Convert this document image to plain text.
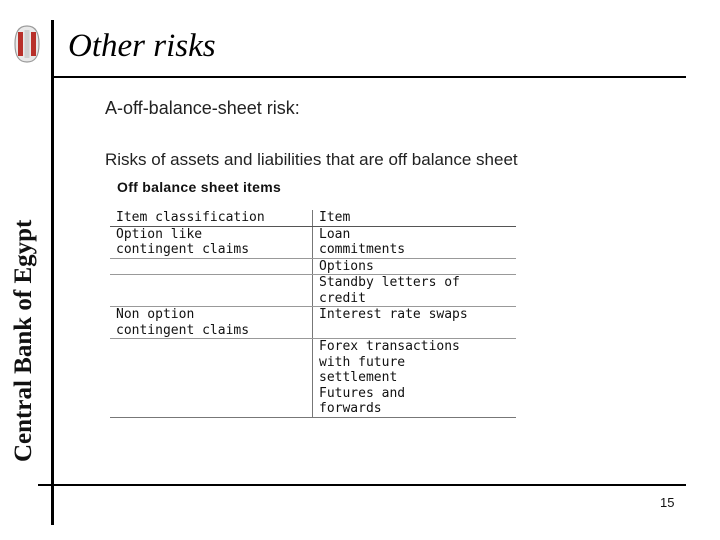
Central Bank of Egypt
Other risks
A-off-balance-sheet risk:
Risks of assets and liabilities that are off balance sheet
Off balance sheet items
Item classification	Item
Option like
contingent claims
Loan
commitments
Options
Standby letters of
credit
Non option
contingent claims
Interest rate swaps
Forex transactions
with future
settlement
Futures and
forwards
15
